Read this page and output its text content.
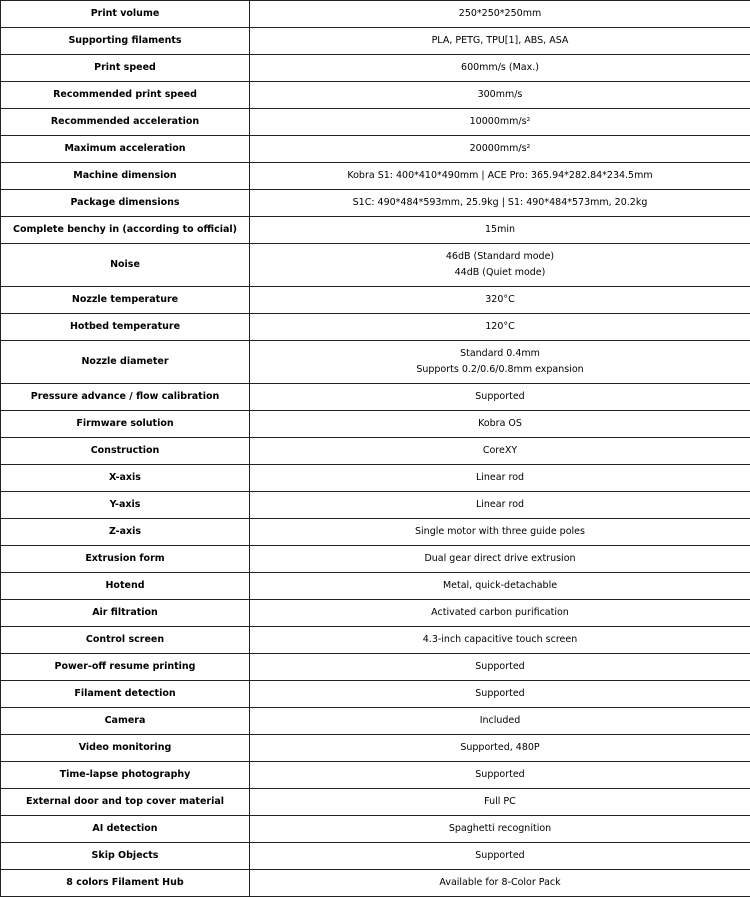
Print volume	250*250*250mm
Supporting filaments	PLA, PETG, TPU[1], ABS, ASA
Print speed	600mm/s (Max.)
Recommended print speed	300mm/s
Recommended acceleration	10000mm/s²
Maximum acceleration	20000mm/s²
Machine dimension	Kobra S1: 400*410*490mm | ACE Pro: 365.94*282.84*234.5mm
Package dimensions	S1C: 490*484*593mm, 25.9kg | S1: 490*484*573mm, 20.2kg
Complete benchy in (according to official)	15min
Noise	46dB (Standard mode)
44dB (Quiet mode)

Nozzle temperature	320°C
Hotbed temperature	120°C
Nozzle diameter	Standard 0.4mm
Supports 0.2/0.6/0.8mm expansion

Pressure advance / flow calibration	Supported
Firmware solution	Kobra OS
Construction	CoreXY
X-axis	Linear rod
Y-axis	Linear rod
Z-axis	Single motor with three guide poles
Extrusion form	Dual gear direct drive extrusion
Hotend	Metal, quick-detachable
Air filtration	Activated carbon purification
Control screen	4.3-inch capacitive touch screen
Power-off resume printing	Supported
Filament detection	Supported
Camera	Included
Video monitoring	Supported, 480P
Time-lapse photography	Supported
External door and top cover material	Full PC
AI detection	Spaghetti recognition
Skip Objects	Supported
8 colors Filament Hub	Available for 8-Color Pack
